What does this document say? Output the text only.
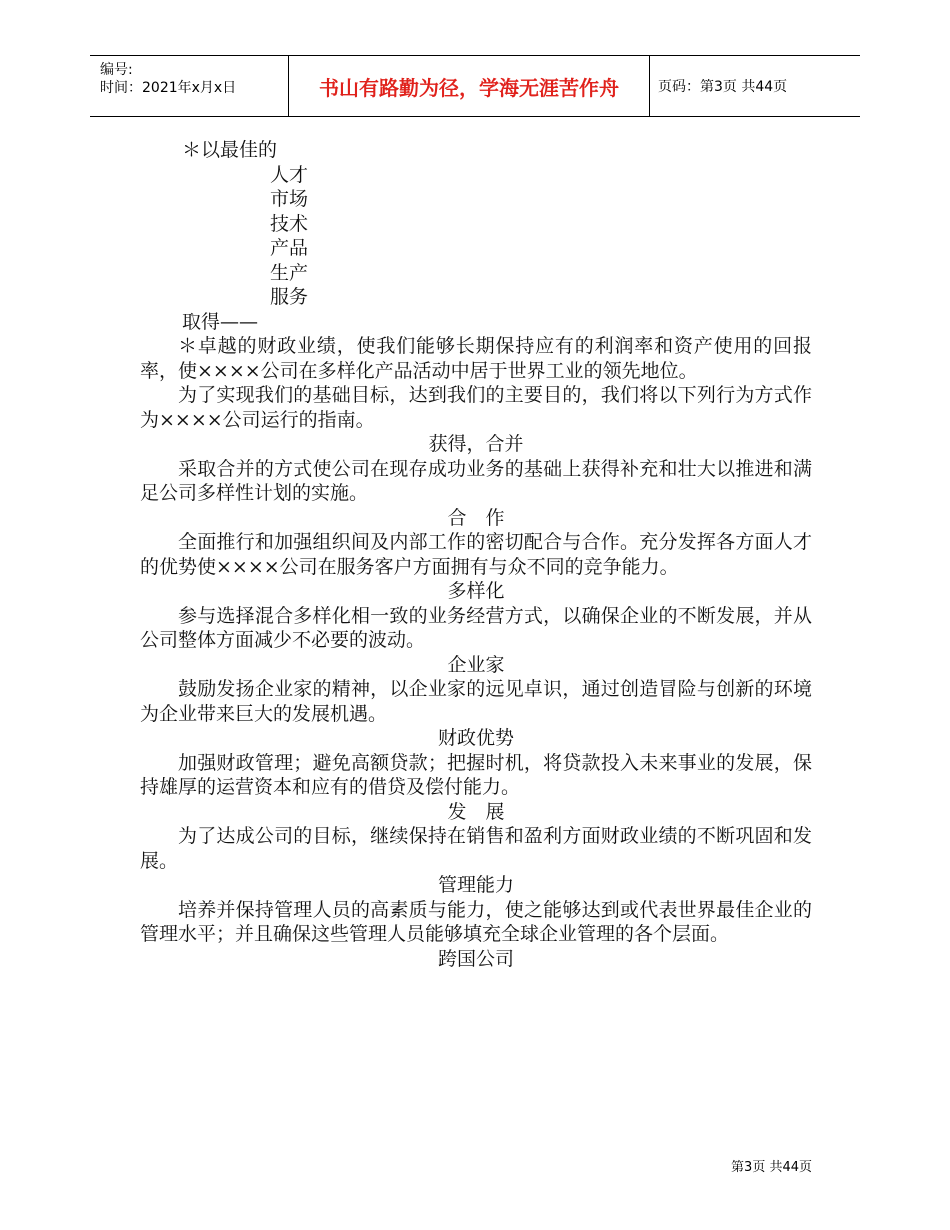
编号:
时间：2021年x月x日	书山有路勤为径，学海无涯苦作舟	页码：第3页 共44页

＊以最佳的

人才

市场

技术

产品

生产

服务

取得——

＊卓越的财政业绩，使我们能够长期保持应有的利润率和资产使用的回报率，使××××公司在多样化产品活动中居于世界工业的领先地位。

为了实现我们的基础目标，达到我们的主要目的，我们将以下列行为方式作为××××公司运行的指南。

获得，合并

采取合并的方式使公司在现存成功业务的基础上获得补充和壮大以推进和满足公司多样性计划的实施。

合　作

全面推行和加强组织间及内部工作的密切配合与合作。充分发挥各方面人才的优势使××××公司在服务客户方面拥有与众不同的竞争能力。

多样化

参与选择混合多样化相一致的业务经营方式，以确保企业的不断发展，并从公司整体方面减少不必要的波动。

企业家

鼓励发扬企业家的精神，以企业家的远见卓识，通过创造冒险与创新的环境为企业带来巨大的发展机遇。

财政优势

加强财政管理；避免高额贷款；把握时机，将贷款投入未来事业的发展，保持雄厚的运营资本和应有的借贷及偿付能力。

发　展

为了达成公司的目标，继续保持在销售和盈利方面财政业绩的不断巩固和发展。

管理能力

培养并保持管理人员的高素质与能力，使之能够达到或代表世界最佳企业的管理水平；并且确保这些管理人员能够填充全球企业管理的各个层面。

跨国公司

第3页 共44页
